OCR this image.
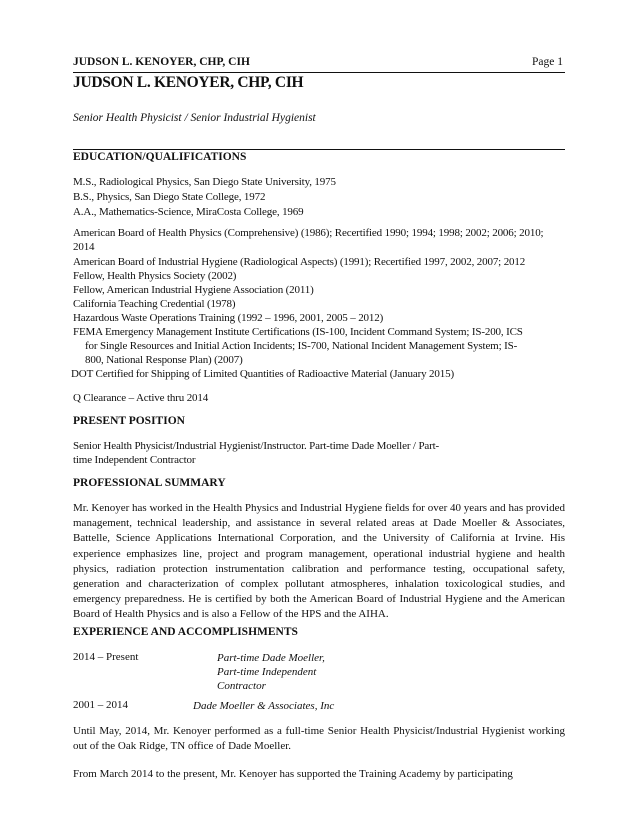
JUDSON L. KENOYER, CHP, CIH	Page 1
JUDSON L. KENOYER, CHP, CIH
Senior Health Physicist / Senior Industrial Hygienist
EDUCATION/QUALIFICATIONS
M.S., Radiological Physics, San Diego State University, 1975
B.S., Physics, San Diego State College, 1972
A.A., Mathematics-Science, MiraCosta College, 1969
American Board of Health Physics (Comprehensive) (1986); Recertified 1990; 1994; 1998; 2002; 2006; 2010;
2014
American Board of Industrial Hygiene (Radiological Aspects) (1991); Recertified 1997, 2002, 2007; 2012
Fellow, Health Physics Society (2002)
Fellow, American Industrial Hygiene Association (2011)
California Teaching Credential (1978)
Hazardous Waste Operations Training (1992 – 1996, 2001, 2005 – 2012)
FEMA Emergency Management Institute Certifications (IS-100, Incident Command System; IS-200, ICS
for Single Resources and Initial Action Incidents; IS-700, National Incident Management System; IS-
800, National Response Plan) (2007)
DOT Certified for Shipping of Limited Quantities of Radioactive Material (January 2015)
Q Clearance – Active thru 2014
PRESENT POSITION
Senior Health Physicist/Industrial Hygienist/Instructor. Part-time Dade Moeller / Part-
time Independent Contractor
PROFESSIONAL SUMMARY

Mr. Kenoyer has worked in the Health Physics and Industrial Hygiene fields for over 40 years and has provided management, technical leadership, and assistance in several related areas at Dade Moeller & Associates, Battelle, Science Applications International Corporation, and the University of California at Irvine. His experience emphasizes line, project and program management, operational industrial hygiene and health physics, radiation protection instrumentation calibration and performance testing, occupational safety, generation and characterization of complex pollutant atmospheres, inhalation toxicological studies, and emergency preparedness. He is certified by both the American Board of Industrial Hygiene and the American Board of Health Physics and is also a Fellow of the HPS and the AIHA.

EXPERIENCE AND ACCOMPLISHMENTS
2014 – Present	Part-time Dade Moeller,
Part-time Independent
Contractor
2001 – 2014	Dade Moeller & Associates, Inc

Until May, 2014, Mr. Kenoyer performed as a full-time Senior Health Physicist/Industrial Hygienist working out of the Oak Ridge, TN office of Dade Moeller.

From March 2014 to the present, Mr. Kenoyer has supported the Training Academy by participating
